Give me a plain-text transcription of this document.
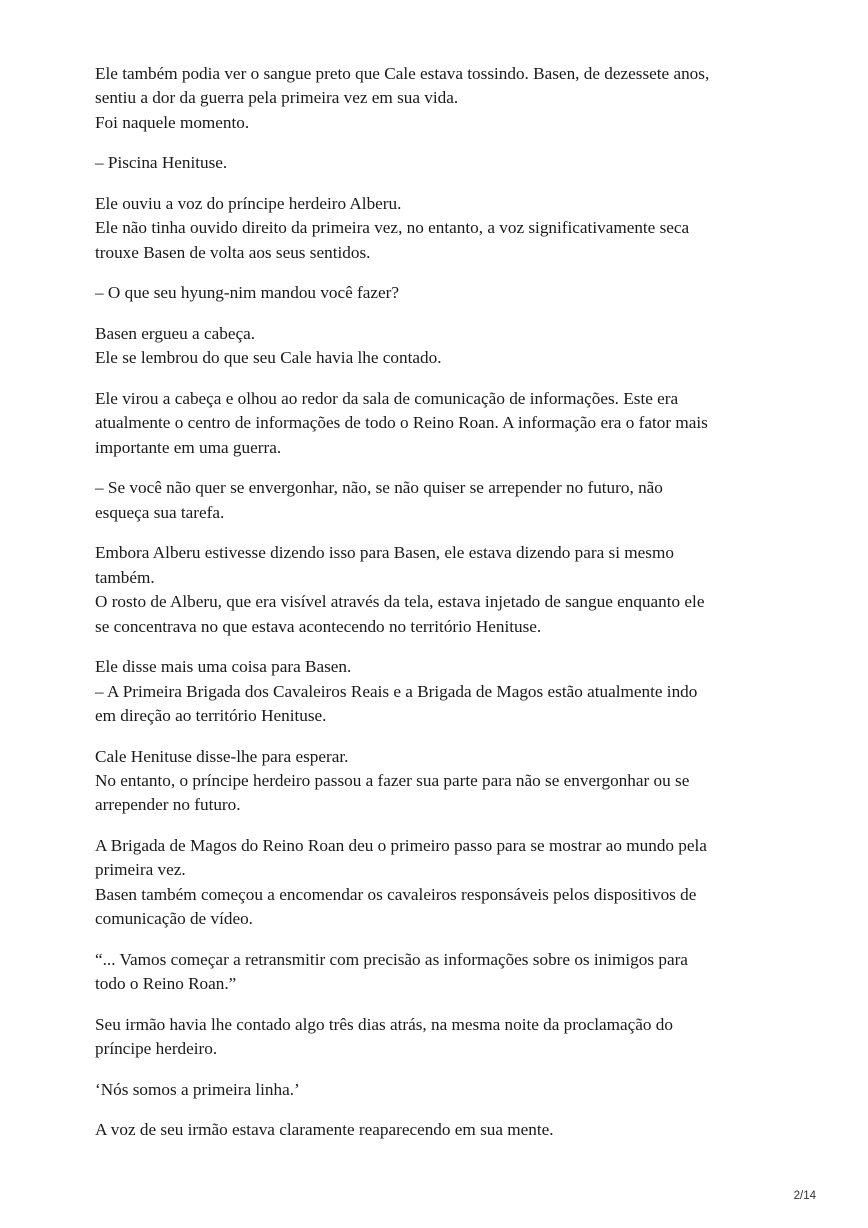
Ele também podia ver o sangue preto que Cale estava tossindo. Basen, de dezessete anos,
sentiu a dor da guerra pela primeira vez em sua vida.
Foi naquele momento.

– Piscina Henituse.

Ele ouviu a voz do príncipe herdeiro Alberu.
Ele não tinha ouvido direito da primeira vez, no entanto, a voz significativamente seca
trouxe Basen de volta aos seus sentidos.

– O que seu hyung-nim mandou você fazer?

Basen ergueu a cabeça.
Ele se lembrou do que seu Cale havia lhe contado.

Ele virou a cabeça e olhou ao redor da sala de comunicação de informações. Este era
atualmente o centro de informações de todo o Reino Roan. A informação era o fator mais
importante em uma guerra.

– Se você não quer se envergonhar, não, se não quiser se arrepender no futuro, não
esqueça sua tarefa.

Embora Alberu estivesse dizendo isso para Basen, ele estava dizendo para si mesmo
também.
O rosto de Alberu, que era visível através da tela, estava injetado de sangue enquanto ele
se concentrava no que estava acontecendo no território Henituse.

Ele disse mais uma coisa para Basen.
– A Primeira Brigada dos Cavaleiros Reais e a Brigada de Magos estão atualmente indo
em direção ao território Henituse.

Cale Henituse disse-lhe para esperar.
No entanto, o príncipe herdeiro passou a fazer sua parte para não se envergonhar ou se
arrepender no futuro.

A Brigada de Magos do Reino Roan deu o primeiro passo para se mostrar ao mundo pela
primeira vez.
Basen também começou a encomendar os cavaleiros responsáveis pelos dispositivos de
comunicação de vídeo.

“... Vamos começar a retransmitir com precisão as informações sobre os inimigos para
todo o Reino Roan.”

Seu irmão havia lhe contado algo três dias atrás, na mesma noite da proclamação do
príncipe herdeiro.

‘Nós somos a primeira linha.’

A voz de seu irmão estava claramente reaparecendo em sua mente.

2/14
